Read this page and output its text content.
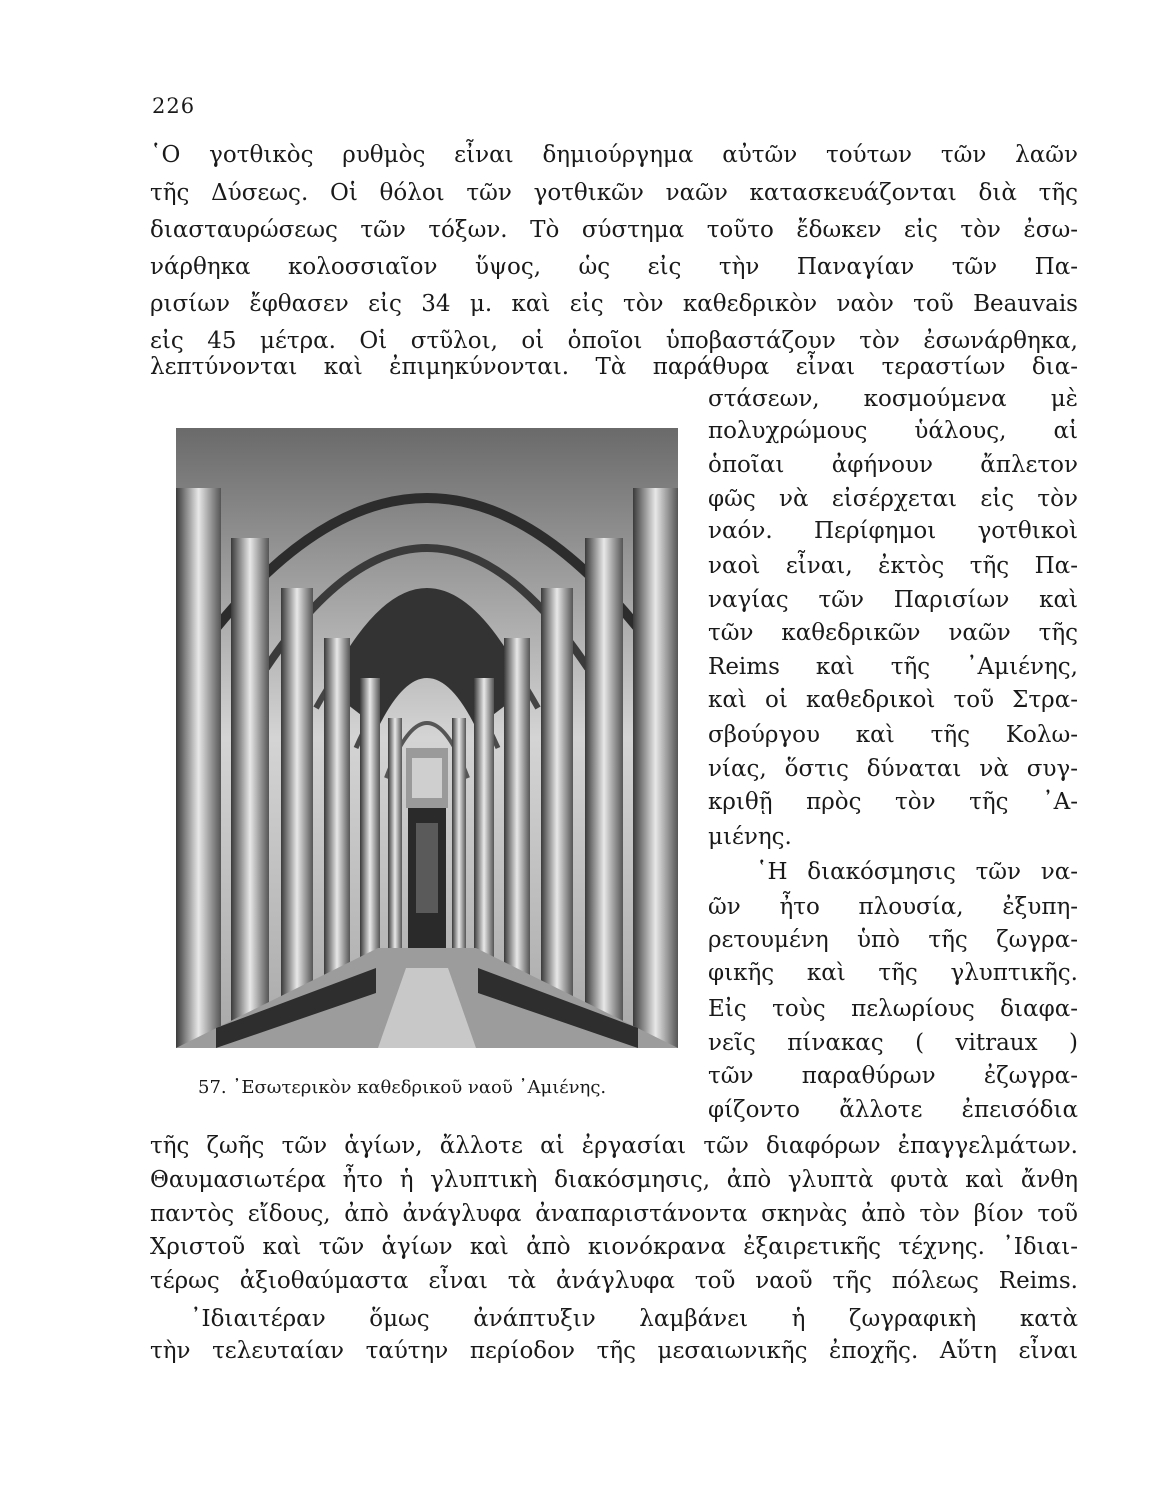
226
῾Ο γοτθικὸς ρυθμὸς εἶναι δημιούργημα αὐτῶν τούτων τῶν λαῶν
τῆς Δύσεως. Οἱ θόλοι τῶν γοτθικῶν ναῶν κατασκευάζονται διὰ τῆς
διασταυρώσεως τῶν τόξων. Τὸ σύστημα τοῦτο ἔδωκεν εἰς τὸν ἐσω-
νάρθηκα κολοσσιαῖον ὕψος, ὡς εἰς τὴν Παναγίαν τῶν Πα-
ρισίων ἔφθασεν εἰς 34 μ. καὶ εἰς τὸν καθεδρικὸν ναὸν τοῦ Beauvais
εἰς 45 μέτρα. Οἱ στῦλοι, οἱ ὁποῖοι ὑποβαστάζουν τὸν ἐσωνάρθηκα,
λεπτύνονται καὶ ἐπιμηκύνονται. Τὰ παράθυρα εἶναι τεραστίων δια-
57. ᾿Εσωτερικὸν καθεδρικοῦ ναοῦ ᾿Αμιένης.
στάσεων, κοσμούμενα μὲ
πολυχρώμους ὑάλους, αἱ
ὁποῖαι ἀφήνουν ἄπλετον
φῶς νὰ εἰσέρχεται εἰς τὸν
ναόν. Περίφημοι γοτθικοὶ
ναοὶ εἶναι, ἐκτὸς τῆς Πα-
ναγίας τῶν Παρισίων καὶ
τῶν καθεδρικῶν ναῶν τῆς
Reims καὶ τῆς ᾿Αμιένης,
καὶ οἱ καθεδρικοὶ τοῦ Στρα-
σβούργου καὶ τῆς Κολω-
νίας, ὅστις δύναται νὰ συγ-
κριθῇ πρὸς τὸν τῆς ᾿Α-
μιένης.
῾Η διακόσμησις τῶν να-
ῶν ἦτο πλουσία, ἐξυπη-
ρετουμένη ὑπὸ τῆς ζωγρα-
φικῆς καὶ τῆς γλυπτικῆς.
Εἰς τοὺς πελωρίους διαφα-
νεῖς πίνακας ( vitraux )
τῶν παραθύρων ἐζωγρα-
φίζοντο ἄλλοτε ἐπεισόδια
τῆς ζωῆς τῶν ἁγίων, ἄλλοτε αἱ ἐργασίαι τῶν διαφόρων ἐπαγγελμάτων.
Θαυμασιωτέρα ἦτο ἡ γλυπτικὴ διακόσμησις, ἀπὸ γλυπτὰ φυτὰ καὶ ἄνθη
παντὸς εἴδους, ἀπὸ ἀνάγλυφα ἀναπαριστάνοντα σκηνὰς ἀπὸ τὸν βίον τοῦ
Χριστοῦ καὶ τῶν ἁγίων καὶ ἀπὸ κιονόκρανα ἐξαιρετικῆς τέχνης. ᾿Ιδιαι-
τέρως ἀξιοθαύμαστα εἶναι τὰ ἀνάγλυφα τοῦ ναοῦ τῆς πόλεως Reims.
᾿Ιδιαιτέραν ὅμως ἀνάπτυξιν λαμβάνει ἡ ζωγραφικὴ κατὰ
τὴν τελευταίαν ταύτην περίοδον τῆς μεσαιωνικῆς ἐποχῆς. Αὕτη εἶναι
